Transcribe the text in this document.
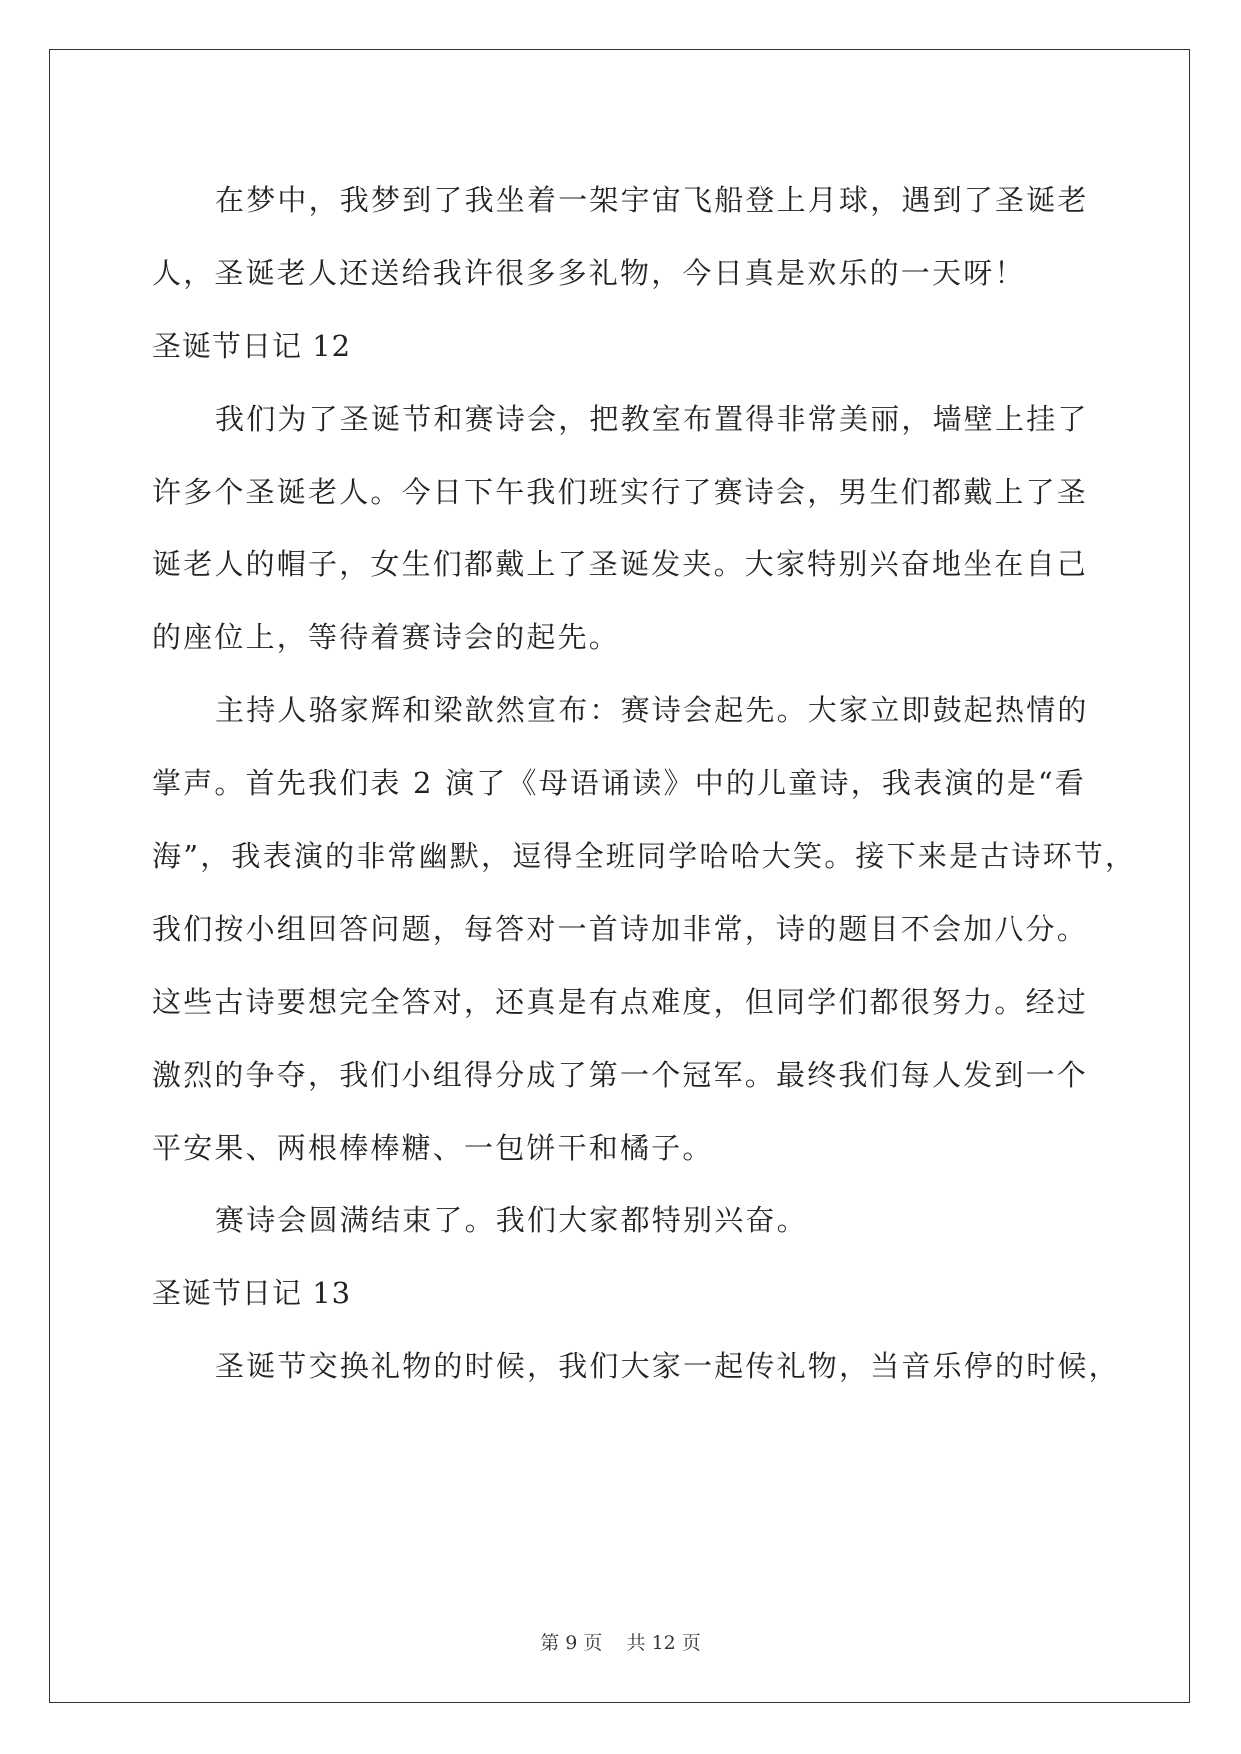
在梦中，我梦到了我坐着一架宇宙飞船登上月球，遇到了圣诞老
人，圣诞老人还送给我许很多多礼物，今日真是欢乐的一天呀！
圣诞节日记 12
我们为了圣诞节和赛诗会，把教室布置得非常美丽，墙壁上挂了
许多个圣诞老人。今日下午我们班实行了赛诗会，男生们都戴上了圣
诞老人的帽子，女生们都戴上了圣诞发夹。大家特别兴奋地坐在自己
的座位上，等待着赛诗会的起先。
主持人骆家辉和梁歆然宣布：赛诗会起先。大家立即鼓起热情的
掌声。首先我们表 2 演了《母语诵读》中的儿童诗，我表演的是“看
海”，我表演的非常幽默，逗得全班同学哈哈大笑。接下来是古诗环节，
我们按小组回答问题，每答对一首诗加非常，诗的题目不会加八分。
这些古诗要想完全答对，还真是有点难度，但同学们都很努力。经过
激烈的争夺，我们小组得分成了第一个冠军。最终我们每人发到一个
平安果、两根棒棒糖、一包饼干和橘子。
赛诗会圆满结束了。我们大家都特别兴奋。
圣诞节日记 13
圣诞节交换礼物的时候，我们大家一起传礼物，当音乐停的时候，
第 9 页    共 12 页
